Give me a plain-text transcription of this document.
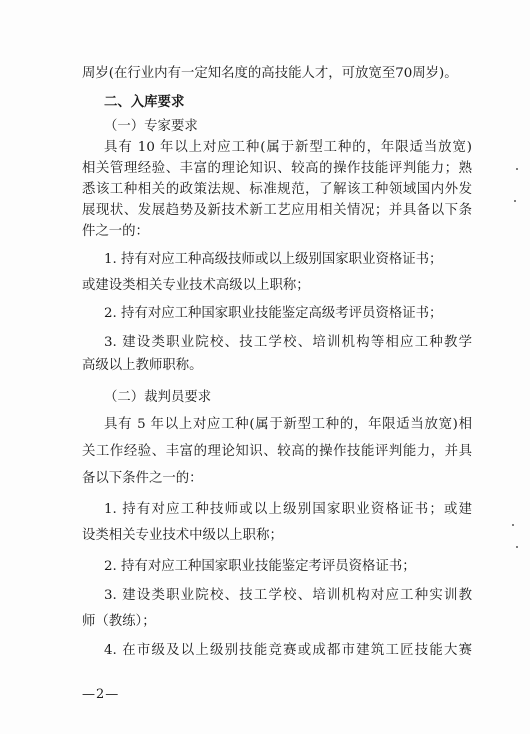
周岁(在行业内有一定知名度的高技能人才，可放宽至70周岁)。
二、入库要求
（一）专家要求
具有 10 年以上对应工种(属于新型工种的，年限适当放宽)
相关管理经验、丰富的理论知识、较高的操作技能评判能力；熟
悉该工种相关的政策法规、标准规范，了解该工种领域国内外发
展现状、发展趋势及新技术新工艺应用相关情况；并具备以下条
件之一的：
1. 持有对应工种高级技师或以上级别国家职业资格证书；
或建设类相关专业技术高级以上职称；
2. 持有对应工种国家职业技能鉴定高级考评员资格证书；
3. 建设类职业院校、技工学校、培训机构等相应工种教学
高级以上教师职称。
（二）裁判员要求
具有 5 年以上对应工种(属于新型工种的，年限适当放宽)相
关工作经验、丰富的理论知识、较高的操作技能评判能力，并具
备以下条件之一的：
1. 持有对应工种技师或以上级别国家职业资格证书；或建
设类相关专业技术中级以上职称；
2. 持有对应工种国家职业技能鉴定考评员资格证书；
3. 建设类职业院校、技工学校、培训机构对应工种实训教
师（教练）；
4. 在市级及以上级别技能竞赛或成都市建筑工匠技能大赛
—2—
